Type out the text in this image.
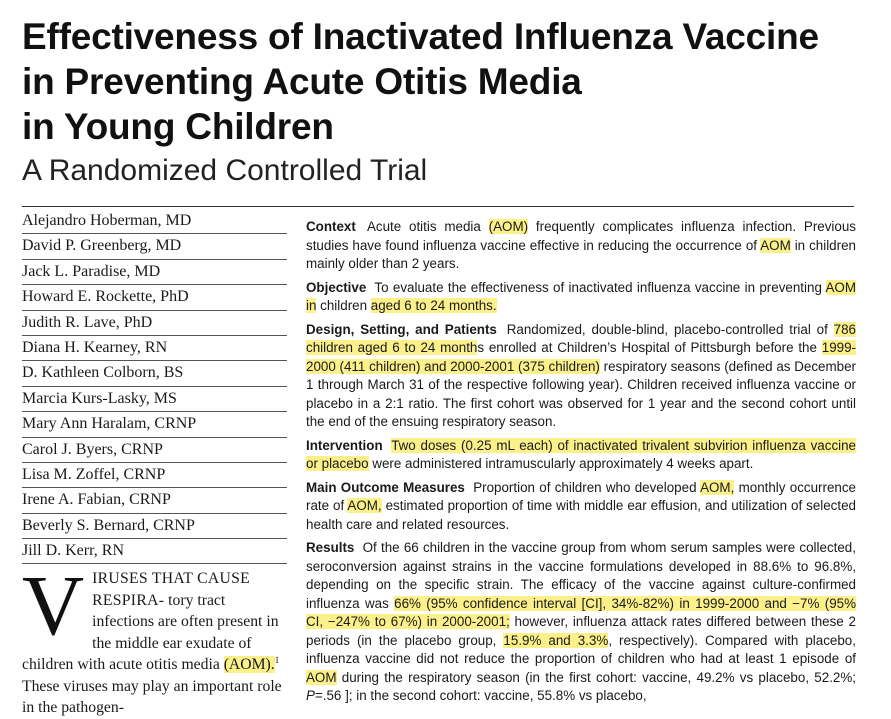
Effectiveness of Inactivated Influenza Vaccine
in Preventing Acute Otitis Media
in Young Children
A Randomized Controlled Trial
Alejandro Hoberman, MD
David P. Greenberg, MD
Jack L. Paradise, MD
Howard E. Rockette, PhD
Judith R. Lave, PhD
Diana H. Kearney, RN
D. Kathleen Colborn, BS
Marcia Kurs-Lasky, MS
Mary Ann Haralam, CRNP
Carol J. Byers, CRNP
Lisa M. Zoffel, CRNP
Irene A. Fabian, CRNP
Beverly S. Bernard, CRNP
Jill D. Kerr, RN
VIRUSES THAT CAUSE RESPIRA- tory tract infections are often present in the middle ear exudate of children with acute otitis media (AOM).$^1$ These viruses may play an important role in the pathogen-

Context Acute otitis media (AOM) frequently complicates influenza infection. Previous studies have found influenza vaccine effective in reducing the occurrence of AOM in children mainly older than 2 years.

Objective To evaluate the effectiveness of inactivated influenza vaccine in preventing AOM in children aged 6 to 24 months.

Design, Setting, and Patients Randomized, double-blind, placebo-controlled trial of 786 children aged 6 to 24 months enrolled at Children’s Hospital of Pittsburgh before the 1999-2000 (411 children) and 2000-2001 (375 children) respiratory seasons (defined as December 1 through March 31 of the respective following year). Children received influenza vaccine or placebo in a 2:1 ratio. The first cohort was observed for 1 year and the second cohort until the end of the ensuing respiratory season.

Intervention Two doses (0.25 mL each) of inactivated trivalent subvirion influenza vaccine or placebo were administered intramuscularly approximately 4 weeks apart.

Main Outcome Measures Proportion of children who developed AOM, monthly occurrence rate of AOM, estimated proportion of time with middle ear effusion, and utilization of selected health care and related resources.

Results Of the 66 children in the vaccine group from whom serum samples were collected, seroconversion against strains in the vaccine formulations developed in 88.6% to 96.8%, depending on the specific strain. The efficacy of the vaccine against culture-confirmed influenza was 66% (95% confidence interval [CI], 34%-82%) in 1999-2000 and −7% (95% CI, −247% to 67%) in 2000-2001; however, influenza attack rates differed between these 2 periods (in the placebo group, 15.9% and 3.3%, respectively). Compared with placebo, influenza vaccine did not reduce the proportion of children who had at least 1 episode of AOM during the respiratory season (in the first cohort: vaccine, 49.2% vs placebo, 52.2%; P=.56 ]; in the second cohort: vaccine, 55.8% vs placebo,
